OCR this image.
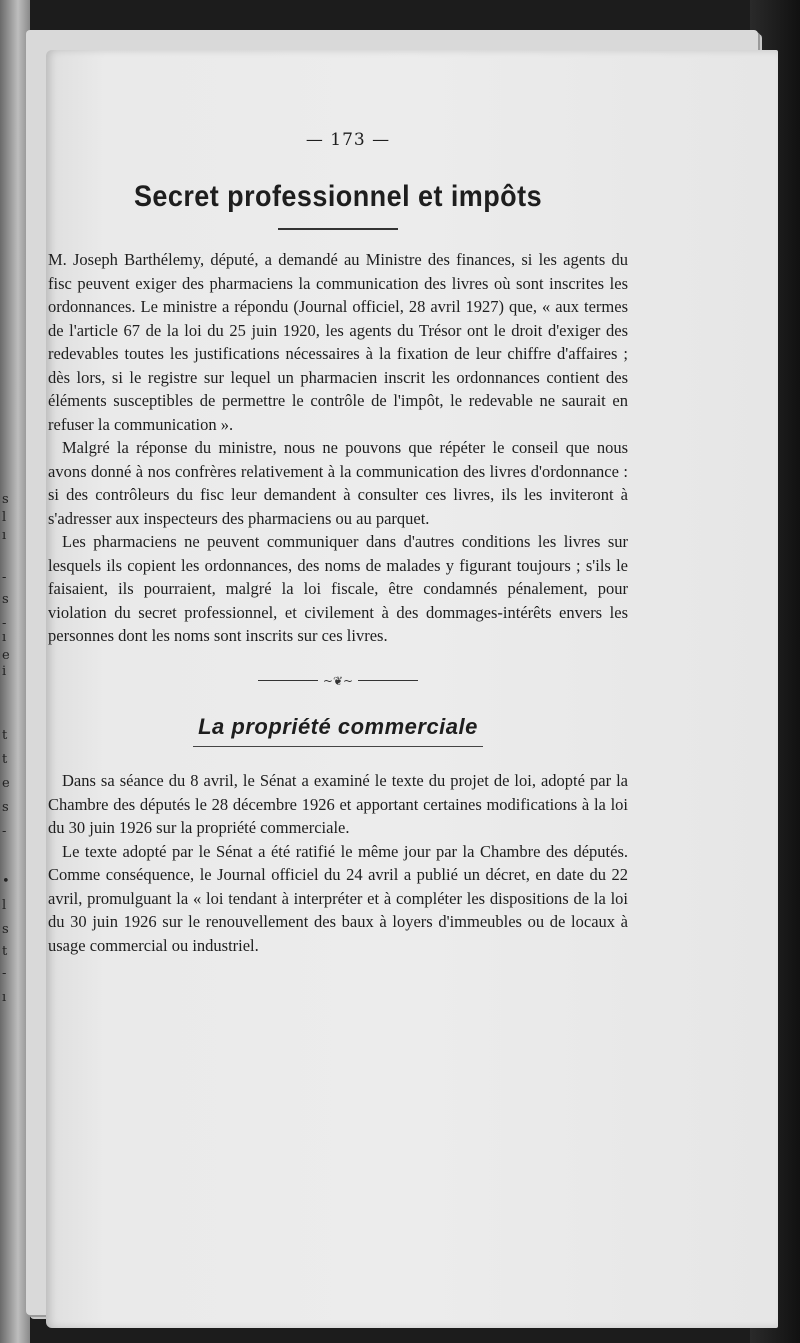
s
l
ı
-
s
-
ı
e
i
t
t
e
s
-
•
l
s
t
-
ı
— 173 —
Secret professionnel et impôts

M. Joseph Barthélemy, député, a demandé au Ministre des finances, si les agents du fisc peuvent exiger des pharmaciens la communication des livres où sont inscrites les ordonnances. Le ministre a répondu (Journal officiel, 28 avril 1927) que, « aux termes de l'article 67 de la loi du 25 juin 1920, les agents du Trésor ont le droit d'exiger des redevables toutes les justifications nécessaires à la fixation de leur chiffre d'affaires ; dès lors, si le registre sur lequel un pharmacien inscrit les ordonnances contient des éléments susceptibles de permettre le contrôle de l'impôt, le redevable ne saurait en refuser la communication ».

Malgré la réponse du ministre, nous ne pouvons que répéter le conseil que nous avons donné à nos confrères relativement à la communication des livres d'ordonnance : si des contrôleurs du fisc leur demandent à consulter ces livres, ils les inviteront à s'adresser aux inspecteurs des pharmaciens ou au parquet.

Les pharmaciens ne peuvent communiquer dans d'autres conditions les livres sur lesquels ils copient les ordonnances, des noms de malades y figurant toujours ; s'ils le faisaient, ils pourraient, malgré la loi fiscale, être condamnés pénalement, pour violation du secret professionnel, et civilement à des dommages-intérêts envers les personnes dont les noms sont inscrits sur ces livres.

~❦~
La propriété commerciale

Dans sa séance du 8 avril, le Sénat a examiné le texte du projet de loi, adopté par la Chambre des députés le 28 décembre 1926 et apportant certaines modifications à la loi du 30 juin 1926 sur la propriété commerciale.

Le texte adopté par le Sénat a été ratifié le même jour par la Chambre des députés. Comme conséquence, le Journal officiel du 24 avril a publié un décret, en date du 22 avril, promulguant la « loi tendant à interpréter et à compléter les dispositions de la loi du 30 juin 1926 sur le renouvellement des baux à loyers d'immeubles ou de locaux à usage commercial ou industriel.
